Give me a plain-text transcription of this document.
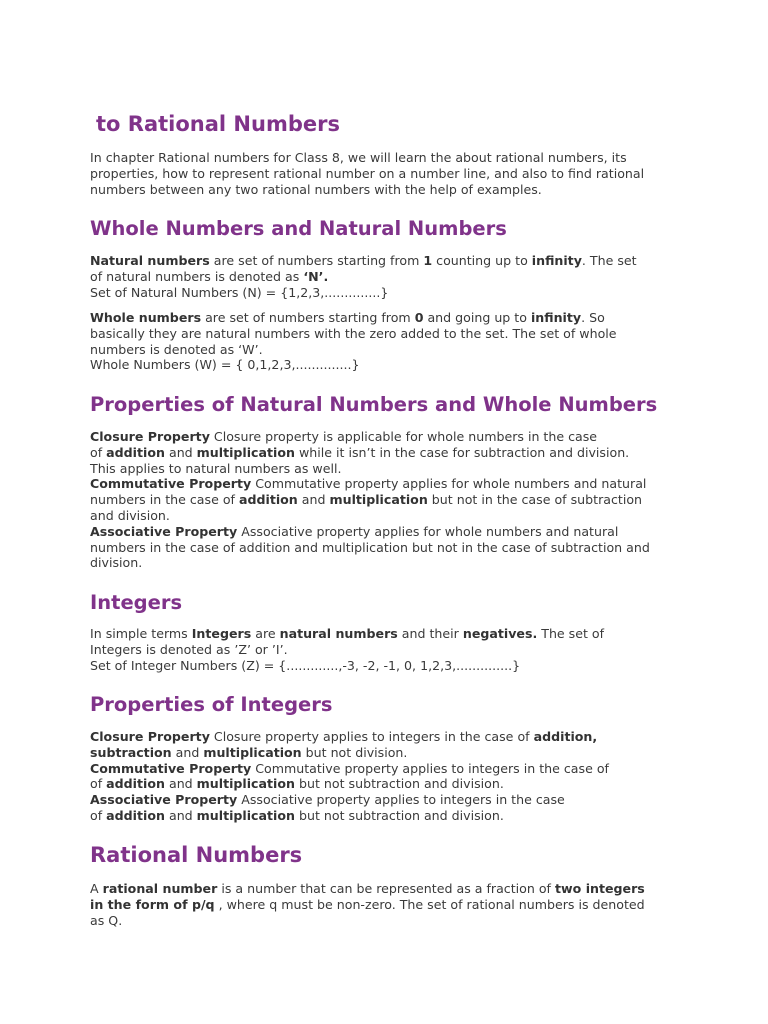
to Rational Numbers

In chapter Rational numbers for Class 8, we will learn the about rational numbers, its
properties, how to represent rational number on a number line, and also to find rational
numbers between any two rational numbers with the help of examples.

Whole Numbers and Natural Numbers

Natural numbers are set of numbers starting from 1 counting up to infinity. The set
of natural numbers is denoted as ‘N’.
Set of Natural Numbers (N) = {1,2,3,..............}

Whole numbers are set of numbers starting from 0 and going up to infinity. So
basically they are natural numbers with the zero added to the set. The set of whole
numbers is denoted as ‘W’.
Whole Numbers (W) = { 0,1,2,3,..............}

Properties of Natural Numbers and Whole Numbers

Closure Property Closure property is applicable for whole numbers in the case
of addition and multiplication while it isn’t in the case for subtraction and division.
This applies to natural numbers as well.
Commutative Property Commutative property applies for whole numbers and natural
numbers in the case of addition and multiplication but not in the case of subtraction
and division.
Associative Property Associative property applies for whole numbers and natural
numbers in the case of addition and multiplication but not in the case of subtraction and
division.

Integers

In simple terms Integers are natural numbers and their negatives. The set of
Integers is denoted as ’Z’ or ’I’.
Set of Integer Numbers (Z) = {.............,-3, -2, -1, 0, 1,2,3,..............}

Properties of Integers

Closure Property Closure property applies to integers in the case of addition,
subtraction and multiplication but not division.
Commutative Property Commutative property applies to integers in the case of
of addition and multiplication but not subtraction and division.
Associative Property Associative property applies to integers in the case
of addition and multiplication but not subtraction and division.

Rational Numbers

A rational number is a number that can be represented as a fraction of two integers
in the form of p/q , where q must be non-zero. The set of rational numbers is denoted
as Q.
